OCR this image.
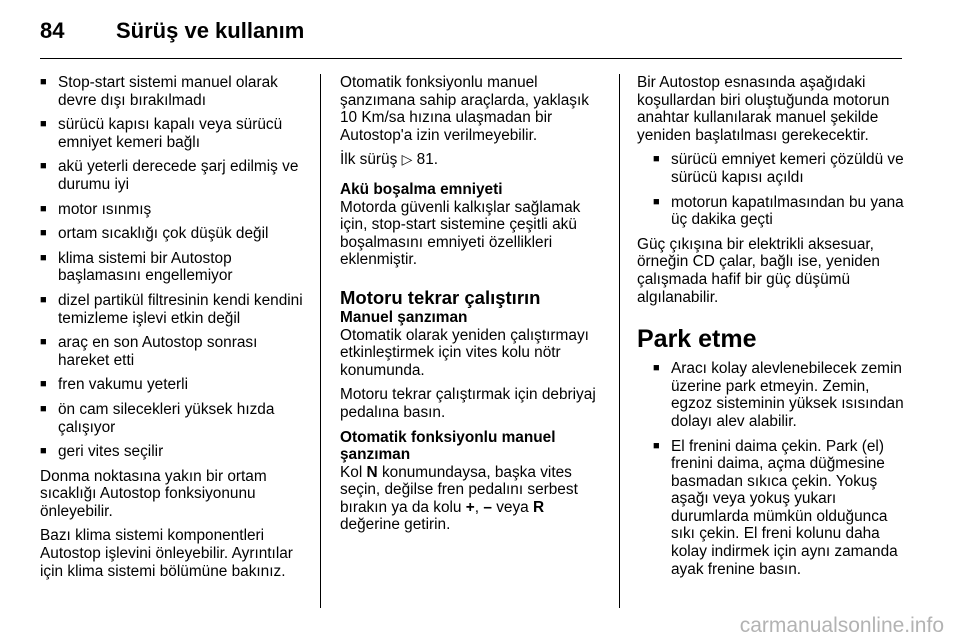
84	Sürüş ve kullanım
■ Stop-start sistemi manuel olarak devre dışı bırakılmadı
■ sürücü kapısı kapalı veya sürücü emniyet kemeri bağlı
■ akü yeterli derecede şarj edilmiş ve durumu iyi
■ motor ısınmış
■ ortam sıcaklığı çok düşük değil
■ klima sistemi bir Autostop başlamasını engellemiyor
■ dizel partikül filtresinin kendi kendini temizleme işlevi etkin değil
■ araç en son Autostop sonrası hareket etti
■ fren vakumu yeterli
■ ön cam silecekleri yüksek hızda çalışıyor
■ geri vites seçilir

Donma noktasına yakın bir ortam sıcaklığı Autostop fonksiyonunu önleyebilir.

Bazı klima sistemi komponentleri Autostop işlevini önleyebilir. Ayrıntılar için klima sistemi bölümüne bakınız.

Otomatik fonksiyonlu manuel şanzımana sahip araçlarda, yaklaşık 10 Km/sa hızına ulaşmadan bir Autostop'a izin verilmeyebilir.

İlk sürüş ▷ 81.

Akü boşalma emniyeti

Motorda güvenli kalkışlar sağlamak için, stop-start sistemine çeşitli akü boşalmasını emniyeti özellikleri eklenmiştir.

Motoru tekrar çalıştırın

Manuel şanzıman

Otomatik olarak yeniden çalıştırmayı etkinleştirmek için vites kolu nötr konumunda.

Motoru tekrar çalıştırmak için debriyaj pedalına basın.

Otomatik fonksiyonlu manuel şanzıman

Kol N konumundaysa, başka vites seçin, değilse fren pedalını serbest bırakın ya da kolu +, – veya R değerine getirin.

Bir Autostop esnasında aşağıdaki koşullardan biri oluştuğunda motorun anahtar kullanılarak manuel şekilde yeniden başlatılması gerekecektir.

■ sürücü emniyet kemeri çözüldü ve sürücü kapısı açıldı
■ motorun kapatılmasından bu yana üç dakika geçti

Güç çıkışına bir elektrikli aksesuar, örneğin CD çalar, bağlı ise, yeniden çalışmada hafif bir güç düşümü algılanabilir.

Park etme

■ Aracı kolay alevlenebilecek zemin üzerine park etmeyin. Zemin, egzoz sisteminin yüksek ısısından dolayı alev alabilir.
■ El frenini daima çekin. Park (el) frenini daima, açma düğmesine basmadan sıkıca çekin. Yokuş aşağı veya yokuş yukarı durumlarda mümkün olduğunca sıkı çekin. El freni kolunu daha kolay indirmek için aynı zamanda ayak frenine basın.
carmanualsonline.info
